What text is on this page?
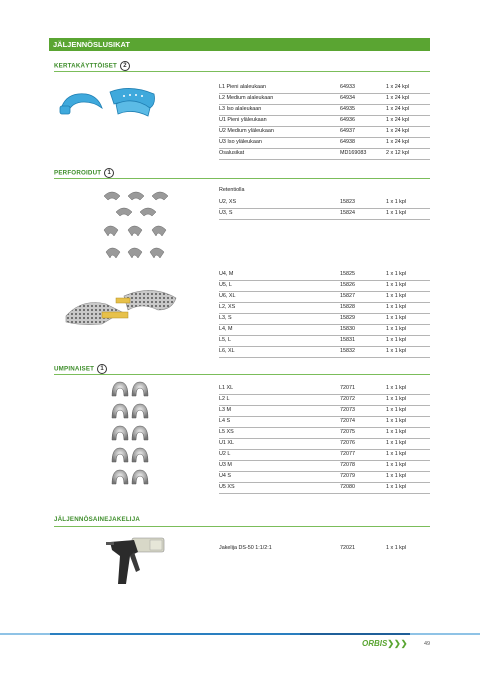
JÄLJENNÖSLUSIKAT
KERTAKÄYTTÖISET 2
L1 Pieni alaleukaan	64933	1 x 24 kpl
L2 Medium alaleukaan	64934	1 x 24 kpl
L3 Iso alaleukaan	64935	1 x 24 kpl
U1 Pieni yläleukaan	64936	1 x 24 kpl
U2 Medium yläleukaan	64937	1 x 24 kpl
U3 Iso yläleukaan	64938	1 x 24 kpl
Osalusikat	MD169083	2 x 12 kpl
PERFOROIDUT 1
Retentiolla
U2, XS	15823	1 x 1 kpl
U3, S	15824	1 x 1 kpl
U4, M	15825	1 x 1 kpl
U5, L	15826	1 x 1 kpl
U6, XL	15827	1 x 1 kpl
L2, XS	15828	1 x 1 kpl
L3, S	15829	1 x 1 kpl
L4, M	15830	1 x 1 kpl
L5, L	15831	1 x 1 kpl
L6, XL	15832	1 x 1 kpl
UMPINAISET 1
L1 XL	72071	1 x 1 kpl
L2 L	72072	1 x 1 kpl
L3 M	72073	1 x 1 kpl
L4 S	72074	1 x 1 kpl
L5 XS	72075	1 x 1 kpl
U1 XL	72076	1 x 1 kpl
U2 L	72077	1 x 1 kpl
U3 M	72078	1 x 1 kpl
U4 S	72079	1 x 1 kpl
U5 XS	72080	1 x 1 kpl
JÄLJENNÖSAINEJAKELIJA
Jakelija DS-50 1:1/2:1	72021	1 x 1 kpl
ORBIS❯❯❯	49
